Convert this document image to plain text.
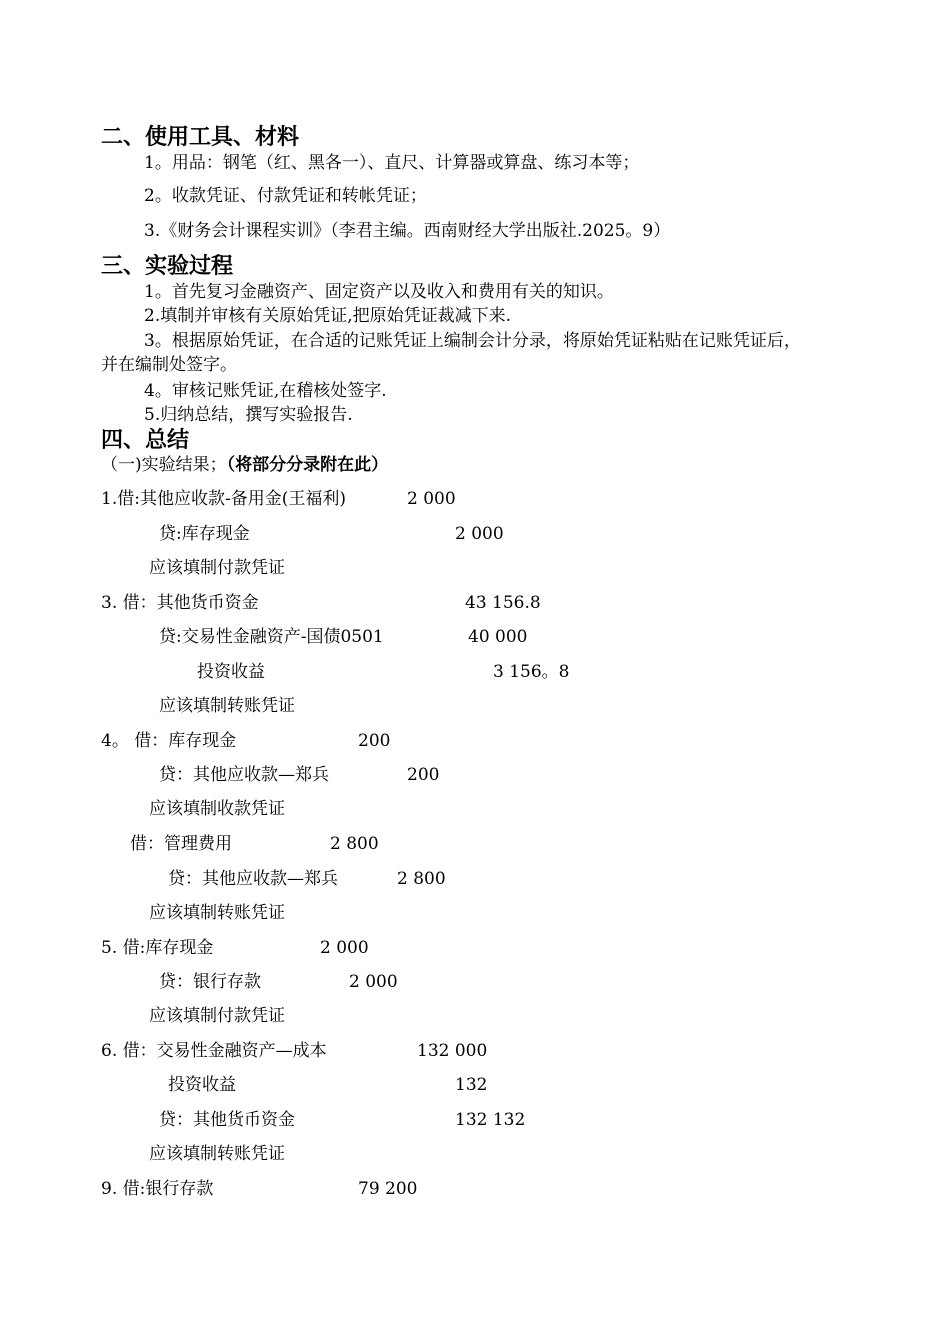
二、使用工具、材料
1。用品：钢笔（红、黑各一）、直尺、计算器或算盘、练习本等；
2。收款凭证、付款凭证和转帐凭证；
3.《财务会计课程实训》（李君主编。西南财经大学出版社.2025。9）
三、实验过程
1。首先复习金融资产、固定资产以及收入和费用有关的知识。
2.填制并审核有关原始凭证,把原始凭证裁减下来.
3。根据原始凭证，在合适的记账凭证上编制会计分录，将原始凭证粘贴在记账凭证后，
并在编制处签字。
4。审核记账凭证,在稽核处签字.
5.归纳总结，撰写实验报告.
四、总结
（一)实验结果；（将部分分录附在此）
1.借:其他应收款-备用金(王福利)	2 000
贷:库存现金	2 000
应该填制付款凭证
3. 借：其他货币资金	43 156.8
贷:交易性金融资产-国债0501	40 000
投资收益	3 156。8
应该填制转账凭证
4。 借：库存现金	200
贷：其他应收款—郑兵	200
应该填制收款凭证
借：管理费用	2 800
贷：其他应收款—郑兵	2 800
应该填制转账凭证
5. 借:库存现金	2 000
贷：银行存款	2 000
应该填制付款凭证
6. 借：交易性金融资产—成本	132 000
投资收益	132
贷：其他货币资金	132 132
应该填制转账凭证
9. 借:银行存款	79 200
